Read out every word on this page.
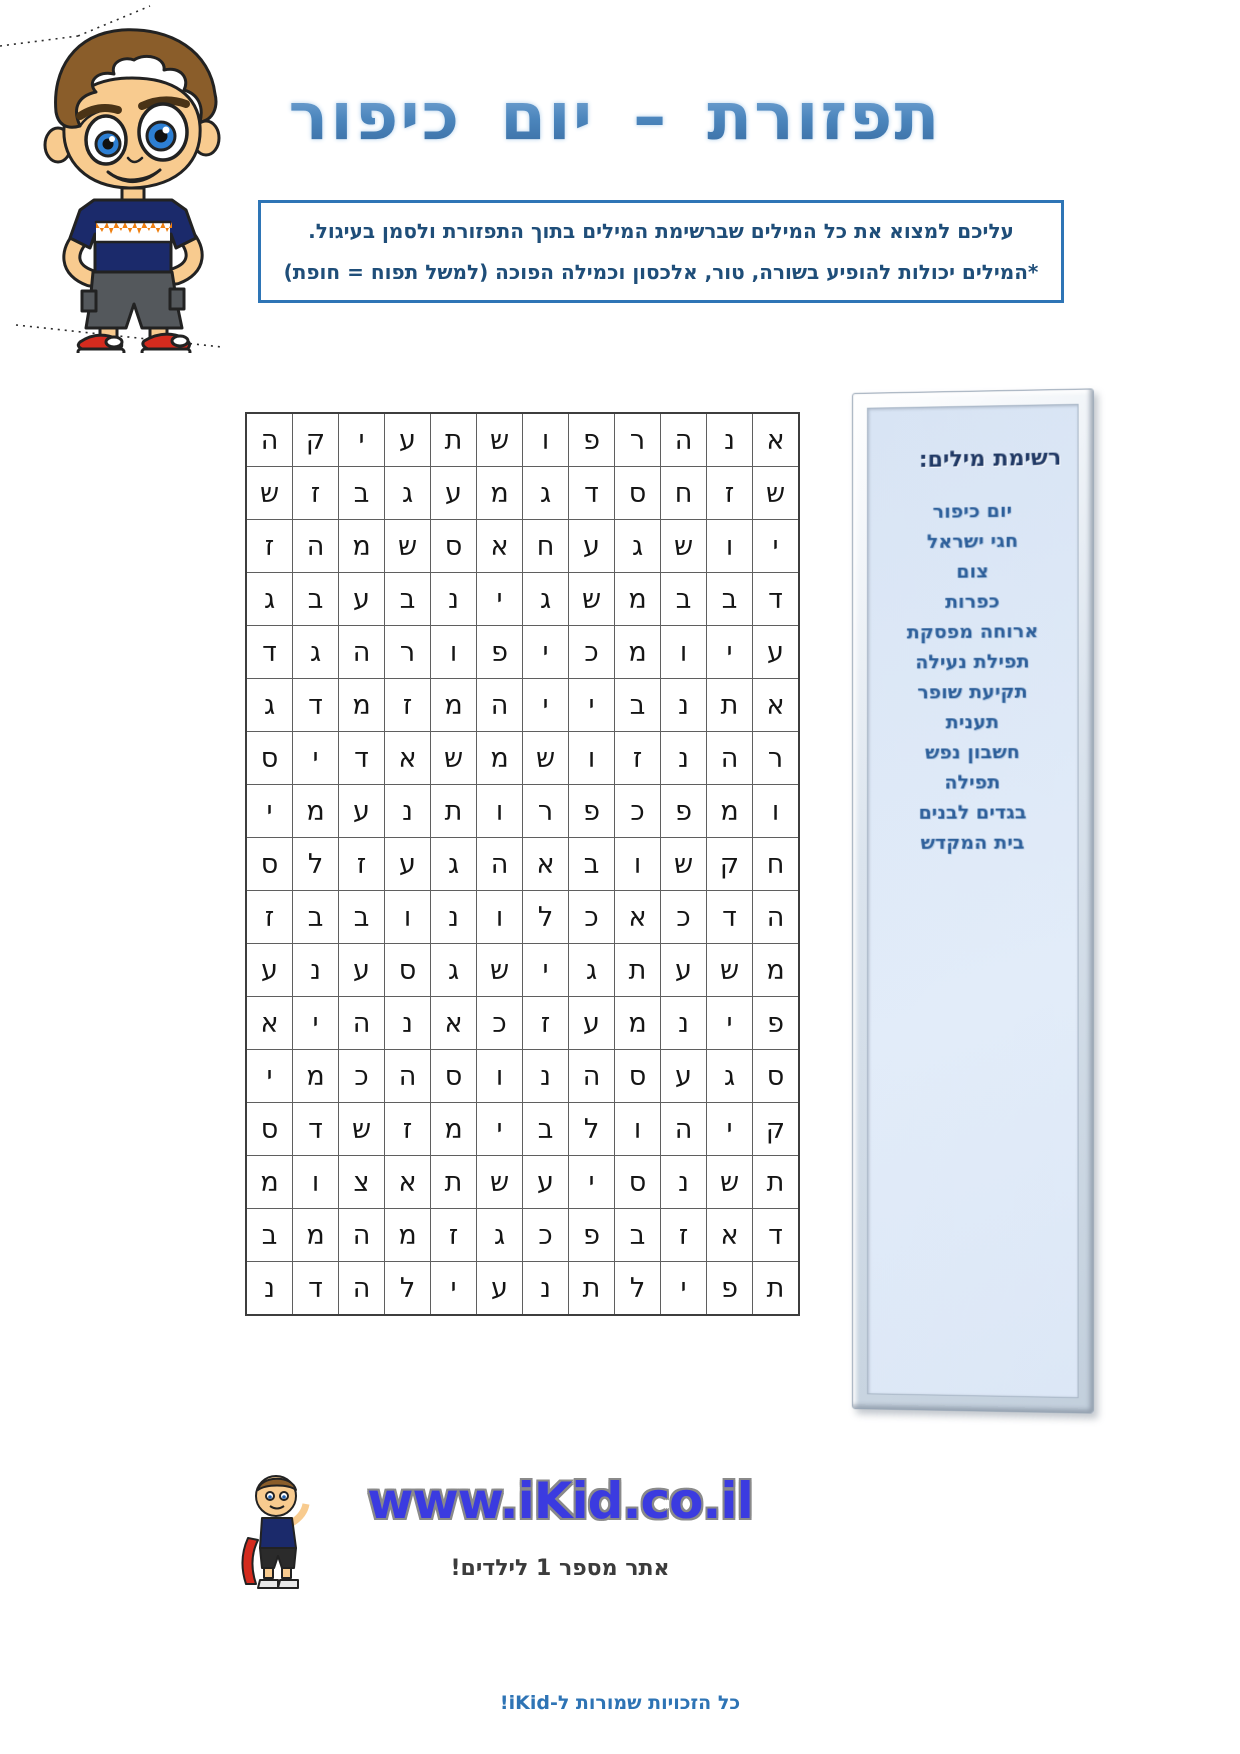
תפזורת – יום כיפור

עליכם למצוא את כל המילים שברשימת המילים בתוך התפזורת ולסמן בעיגול.

*המילים יכולות להופיע בשורה, טור, אלכסון וכמילה הפוכה (למשל תפוח = חופת)

א
נ
ה
ר
פ
ו
ש
ת
ע
י
ק
ה
ש
ז
ח
ס
ד
ג
מ
ע
ג
ב
ז
ש
י
ו
ש
ג
ע
ח
א
ס
ש
מ
ה
ז
ד
ב
ב
מ
ש
ג
י
נ
ב
ע
ב
ג
ע
י
ו
מ
כ
י
פ
ו
ר
ה
ג
ד
א
ת
נ
ב
י
י
ה
מ
ז
מ
ד
ג
ר
ה
נ
ז
ו
ש
מ
ש
א
ד
י
ס
ו
מ
פ
כ
פ
ר
ו
ת
נ
ע
מ
י
ח
ק
ש
ו
ב
א
ה
ג
ע
ז
ל
ס
ה
ד
כ
א
כ
ל
ו
נ
ו
ב
ב
ז
מ
ש
ע
ת
ג
י
ש
ג
ס
ע
נ
ע
פ
י
נ
מ
ע
ז
כ
א
נ
ה
י
א
ס
ג
ע
ס
ה
נ
ו
ס
ה
כ
מ
י
ק
י
ה
ו
ל
ב
י
מ
ז
ש
ד
ס
ת
ש
נ
ס
י
ע
ש
ת
א
צ
ו
מ
ד
א
ז
ב
פ
כ
ג
ז
מ
ה
מ
ב
ת
פ
י
ל
ת
נ
ע
י
ל
ה
ד
נ
רשימת מילים:
יום כיפור
חגי ישראל
צום
כפרות
ארוחה מפסקת
תפילת נעילה
תקיעת שופר
תענית
חשבון נפש
תפילה
בגדים לבנים
בית המקדש
www.iKid.co.il
אתר מספר 1 לילדים!
כל הזכויות שמורות ל-iKid!
